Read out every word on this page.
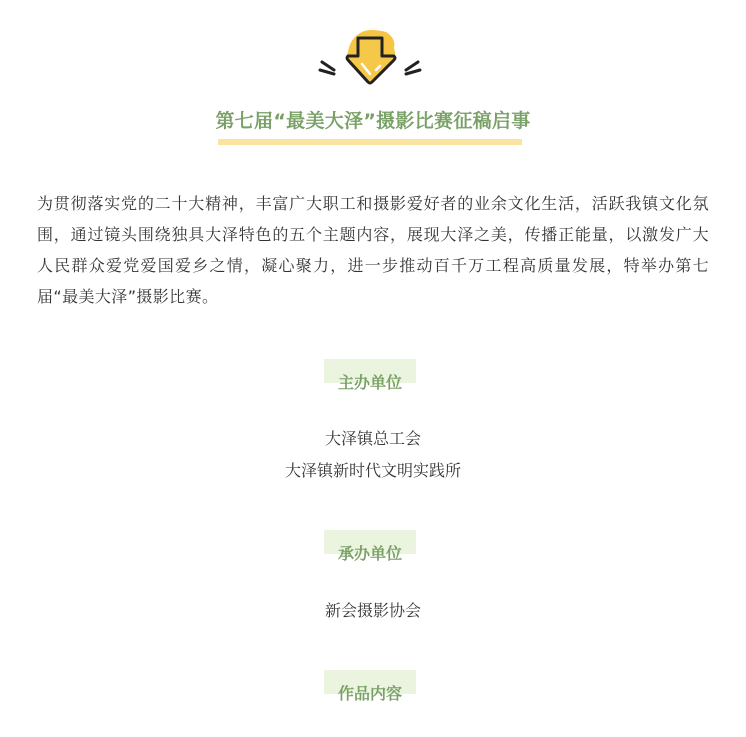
第七届“最美大泽”摄影比赛征稿启事

为贯彻落实党的二十大精神，丰富广大职工和摄影爱好者的业余文化生活，活跃我镇文化氛围，通过镜头围绕独具大泽特色的五个主题内容，展现大泽之美，传播正能量，以激发广大人民群众爱党爱国爱乡之情，凝心聚力，进一步推动百千万工程高质量发展，特举办第七届“最美大泽”摄影比赛。

主办单位
大泽镇总工会
大泽镇新时代文明实践所
承办单位
新会摄影协会
作品内容
